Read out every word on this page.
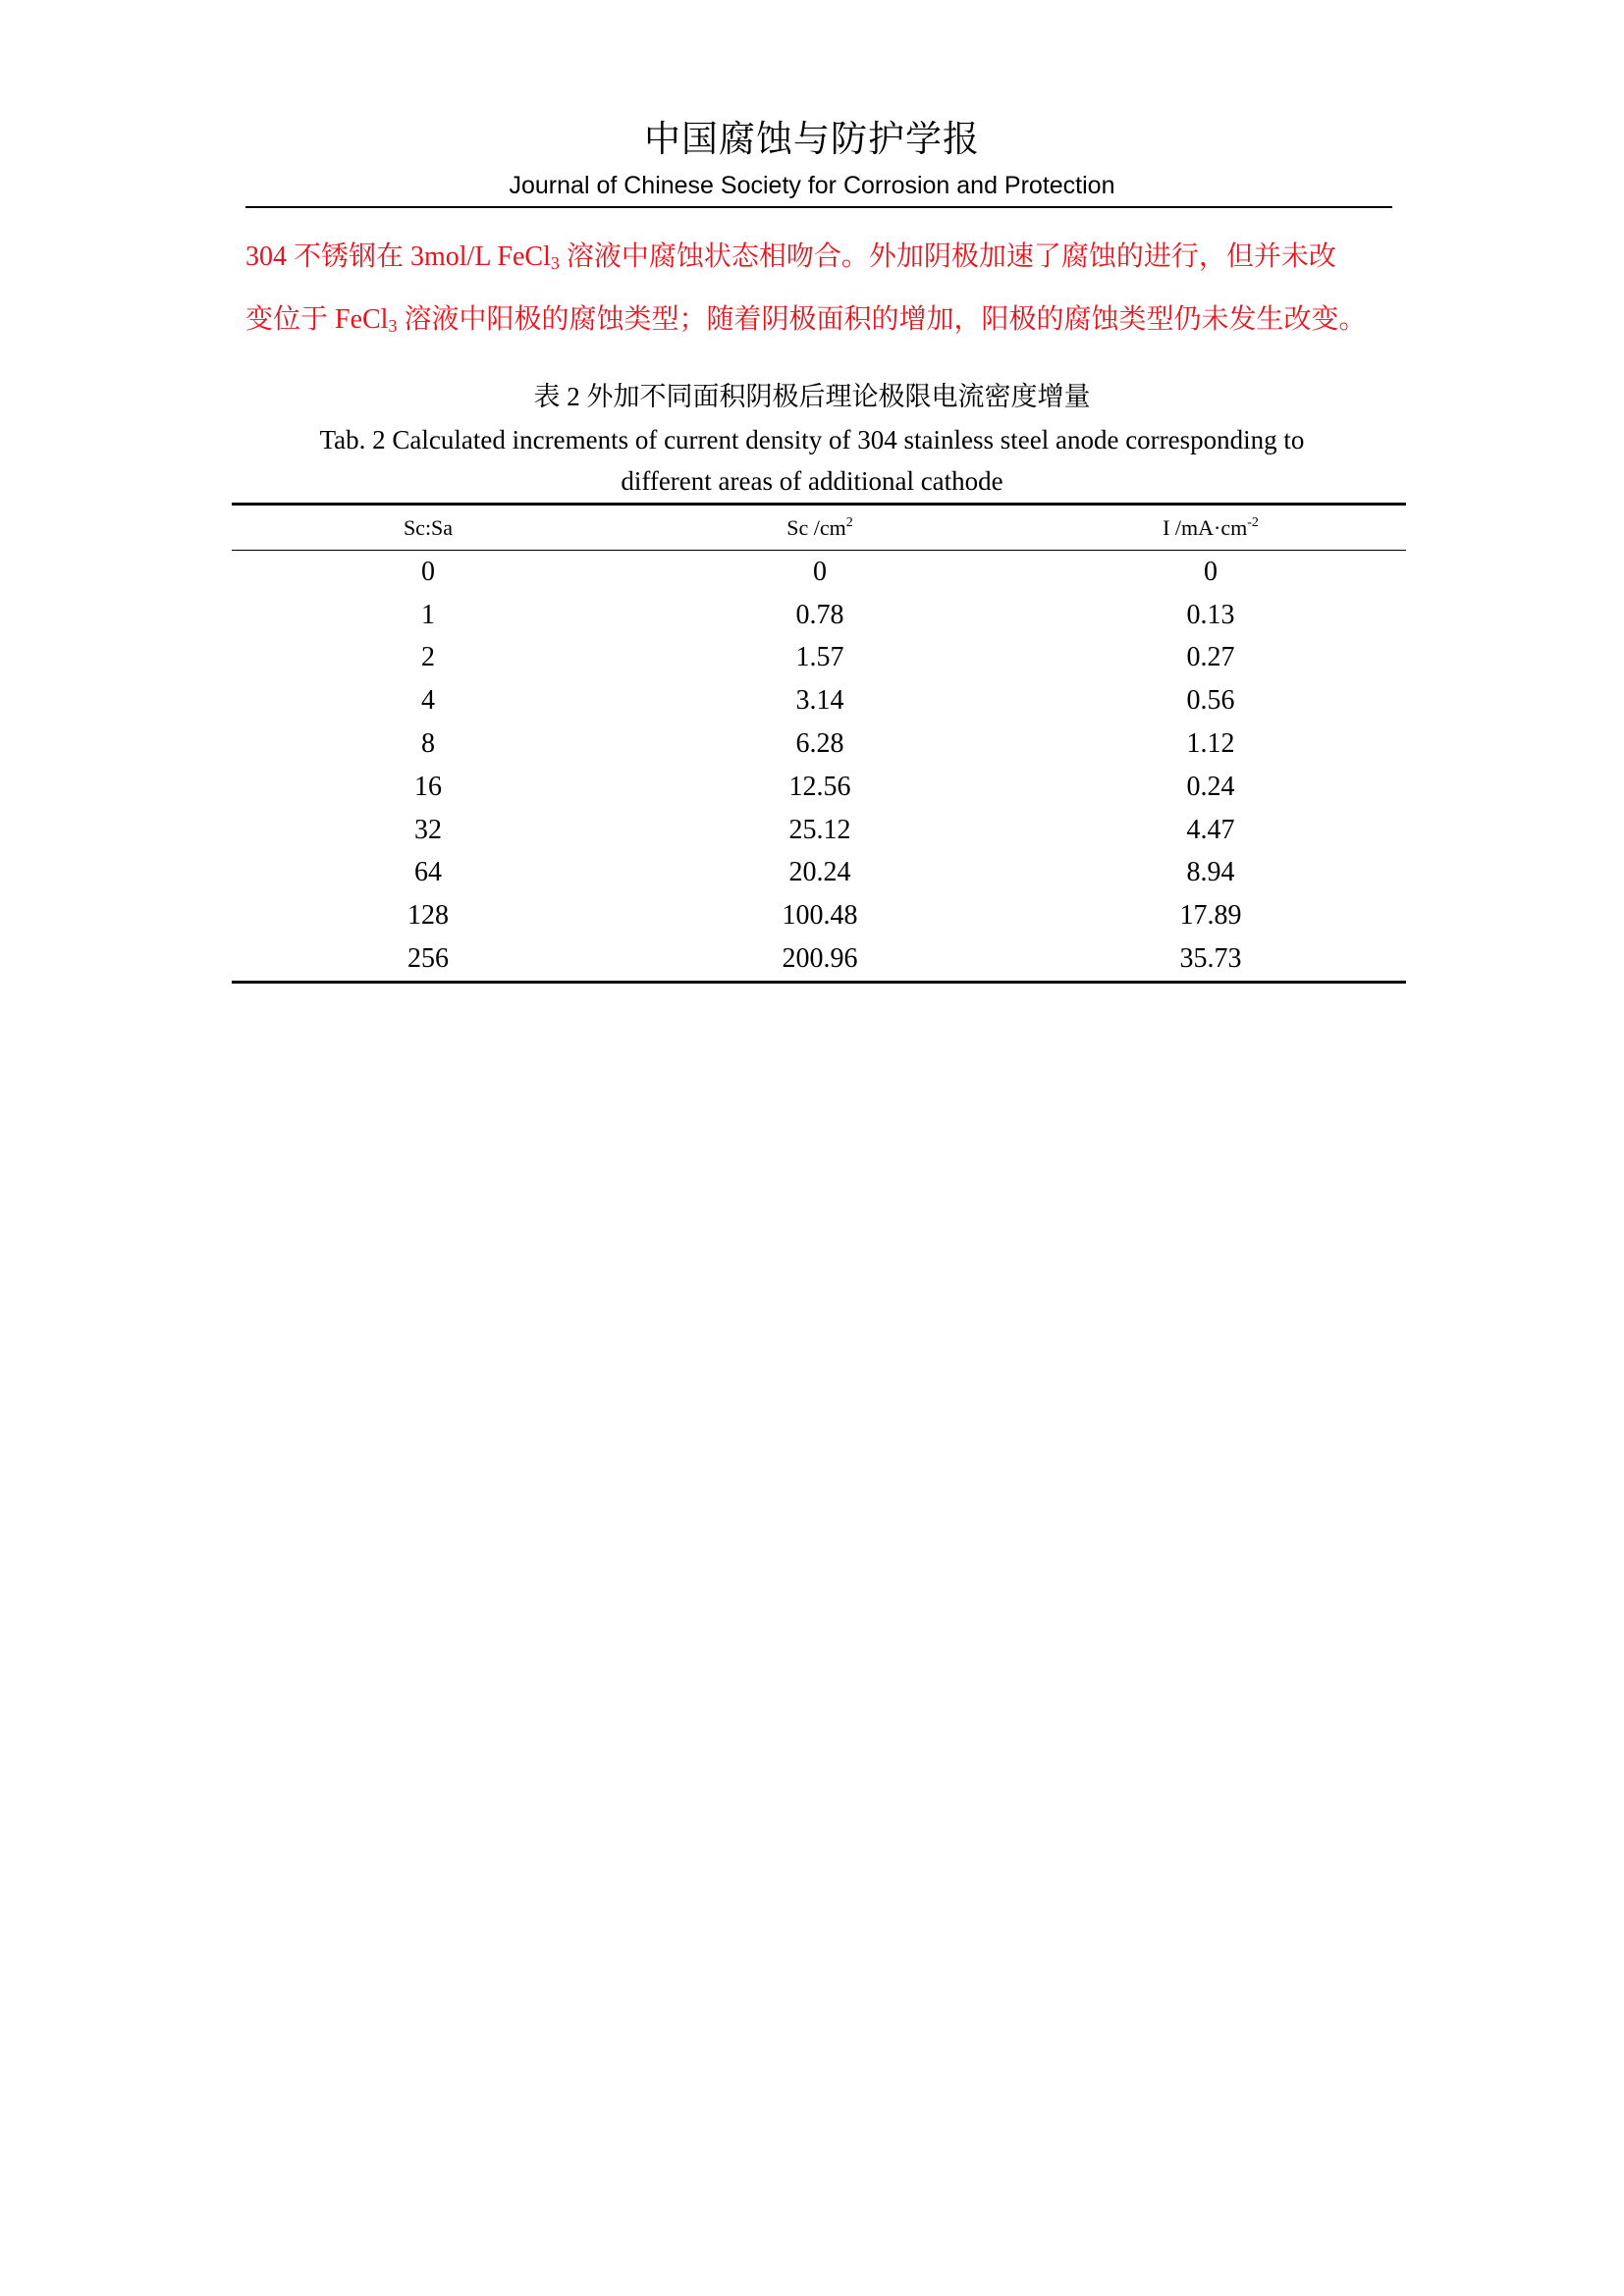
中国腐蚀与防护学报
Journal of Chinese Society for Corrosion and Protection
304 不锈钢在 3mol/L FeCl$_3$ 溶液中腐蚀状态相吻合。外加阴极加速了腐蚀的进行，但并未改
变位于 FeCl$_3$ 溶液中阳极的腐蚀类型；随着阴极面积的增加，阳极的腐蚀类型仍未发生改变。
表 2 外加不同面积阴极后理论极限电流密度增量
Tab. 2 Calculated increments of current density of 304 stainless steel anode corresponding to
different areas of additional cathode
Sc:Sa	Sc $/cm^2$	I $/mA\cdot cm^{-2}$
0	0	0
1	0.78	0.13
2	1.57	0.27
4	3.14	0.56
8	6.28	1.12
16	12.56	0.24
32	25.12	4.47
64	20.24	8.94
128	100.48	17.89
256	200.96	35.73
